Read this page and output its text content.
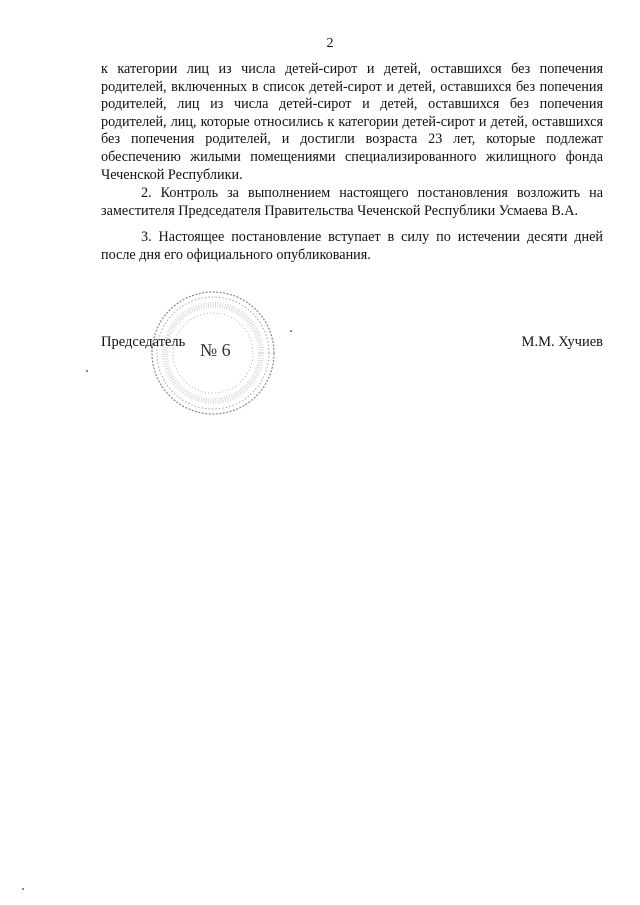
2
к категории лиц из числа детей-сирот и детей, оставшихся без попечения родителей, включенных в список детей-сирот и детей, оставшихся без попечения родителей, лиц из числа детей-сирот и детей, оставшихся без попечения родителей, лиц, которые относились к категории детей-сирот и детей, оставшихся без попечения родителей, и достигли возраста 23 лет, которые подлежат обеспечению жилыми помещениями специализированного жилищного фонда Чеченской Республики.
2. Контроль за выполнением настоящего постановления возложить на заместителя Председателя Правительства Чеченской Республики Усмаева В.А.
3. Настоящее постановление вступает в силу по истечении десяти дней после дня его официального опубликования.
№ 6
Председатель	М.М. Хучиев
